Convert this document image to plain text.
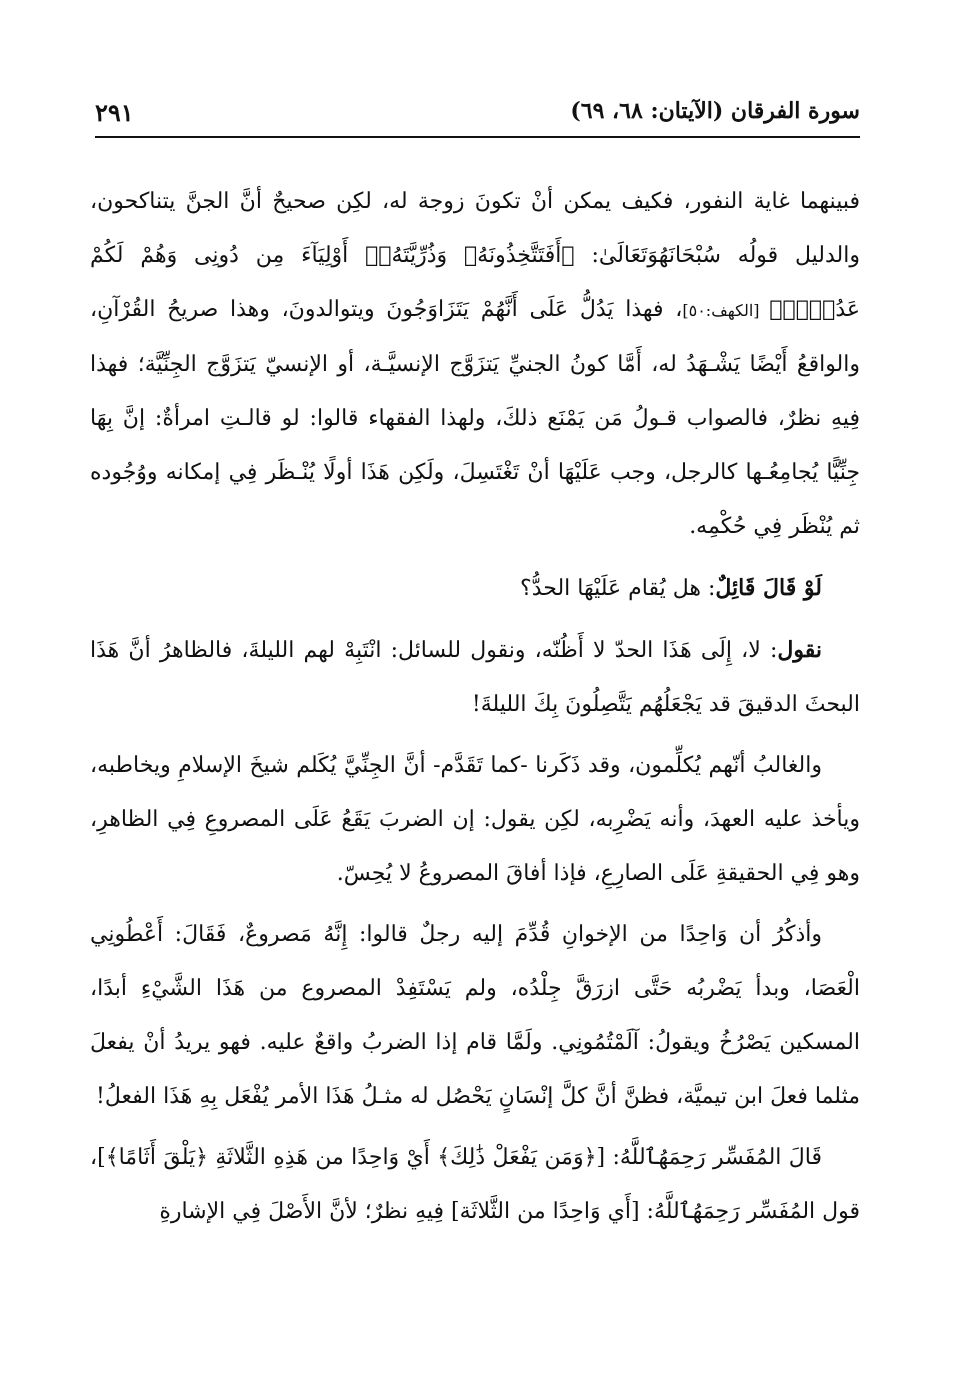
سورة الفرقان (الآيتان: ٦٨، ٦٩)
٢٩١

فبينهما غاية النفور، فكيف يمكن أنْ تكونَ زوجة له، لكِن صحيحٌ أنَّ الجنَّ يتناكحون، والدليل قولُه سُبْحَانَهُوَتَعَالَىٰ: ﴿أَفَتَتَّخِذُونَهُۥ وَذُرِّيَّتَهُۥٓ أَوْلِيَآءَ مِن دُونِى وَهُمْ لَكُمْ عَدُوٌّۢ﴾ [الكهف:٥٠]، فهذا يَدُلُّ عَلَى أَنَّهُمْ يَتَزَاوَجُونَ ويتوالدونَ، وهذا صريحُ القُرْآنِ، والواقعُ أَيْضًا يَشْـهَدُ له، أَمَّا كونُ الجنيِّ يَتزَوَّج الإنسيَّـة، أو الإنسيّ يَتزَوَّج الجِنِّيَّة؛ فهذا فِيهِ نظرٌ، فالصواب قـولُ مَن يَمْنَع ذلكَ، ولهذا الفقهاء قالوا: لو قالـتِ امرأةٌ: إنَّ بِهَا جِنِّيًّا يُجامِعُـها كالرجل، وجب عَلَيْهَا أنْ تَغْتَسِلَ، ولَكِن هَذَا أولًا يُنْـظَر فِي إمكانه ووُجُوده ثم يُنْظَر فِي حُكْمِه.

لَوْ قَالَ قَائِلٌ: هل يُقام عَلَيْهَا الحدُّ؟

نقول: لا، إِلَى هَذَا الحدّ لا أَظُنّه، ونقول للسائل: انْتَبِهْ لهم الليلةَ، فالظاهرُ أنَّ هَذَا البحثَ الدقيقَ قد يَجْعَلُهُم يَتَّصِلُونَ بِكَ الليلةَ!

والغالبُ أنّهم يُكلِّمون، وقد ذَكَرنا -كما تَقَدَّم- أنَّ الجِنِّيَّ يُكَلم شيخَ الإسلامِ ويخاطبه، ويأخذ عليه العهدَ، وأنه يَضْرِبه، لكِن يقول: إن الضربَ يَقَعُ عَلَى المصروعِ فِي الظاهرِ، وهو فِي الحقيقةِ عَلَى الصارِعِ، فإذا أفاقَ المصروعُ لا يُحِسّ.

وأذكُرُ أن وَاحِدًا من الإخوانِ قُدِّمَ إليه رجلٌ قالوا: إِنَّهُ مَصروعٌ، فَقَالَ: أَعْطُونِي الْعَصَا، وبدأ يَضْربُه حَتَّى ازرَقَّ جِلْدُه، ولم يَسْتَفِدْ المصروع من هَذَا الشَّيْءِ أبدًا، المسكين يَصْرُخُ ويقولُ: آلَمْتُمُونِي. ولَمَّا قام إذا الضربُ واقعٌ عليه. فهو يريدُ أنْ يفعلَ مثلما فعلَ ابن تيميَّة، فظنَّ أنَّ كلَّ إنْسَانٍ يَحْصُل له مثـلُ هَذَا الأمر يُفْعَل بِهِ هَذَا الفعلُ!

قَالَ المُفَسِّر رَحِمَهُٱللَّهُ: [﴿وَمَن يَفْعَلْ ذَٰلِكَ﴾ أَيْ وَاحِدًا من هَذِهِ الثَّلاثَةِ ﴿يَلْقَ أَثَامًا﴾]، قول المُفَسِّر رَحِمَهُٱللَّهُ: [أَي وَاحِدًا من الثَّلاثَة] فِيهِ نظرٌ؛ لأنَّ الأَصْلَ فِي الإشارةِ
